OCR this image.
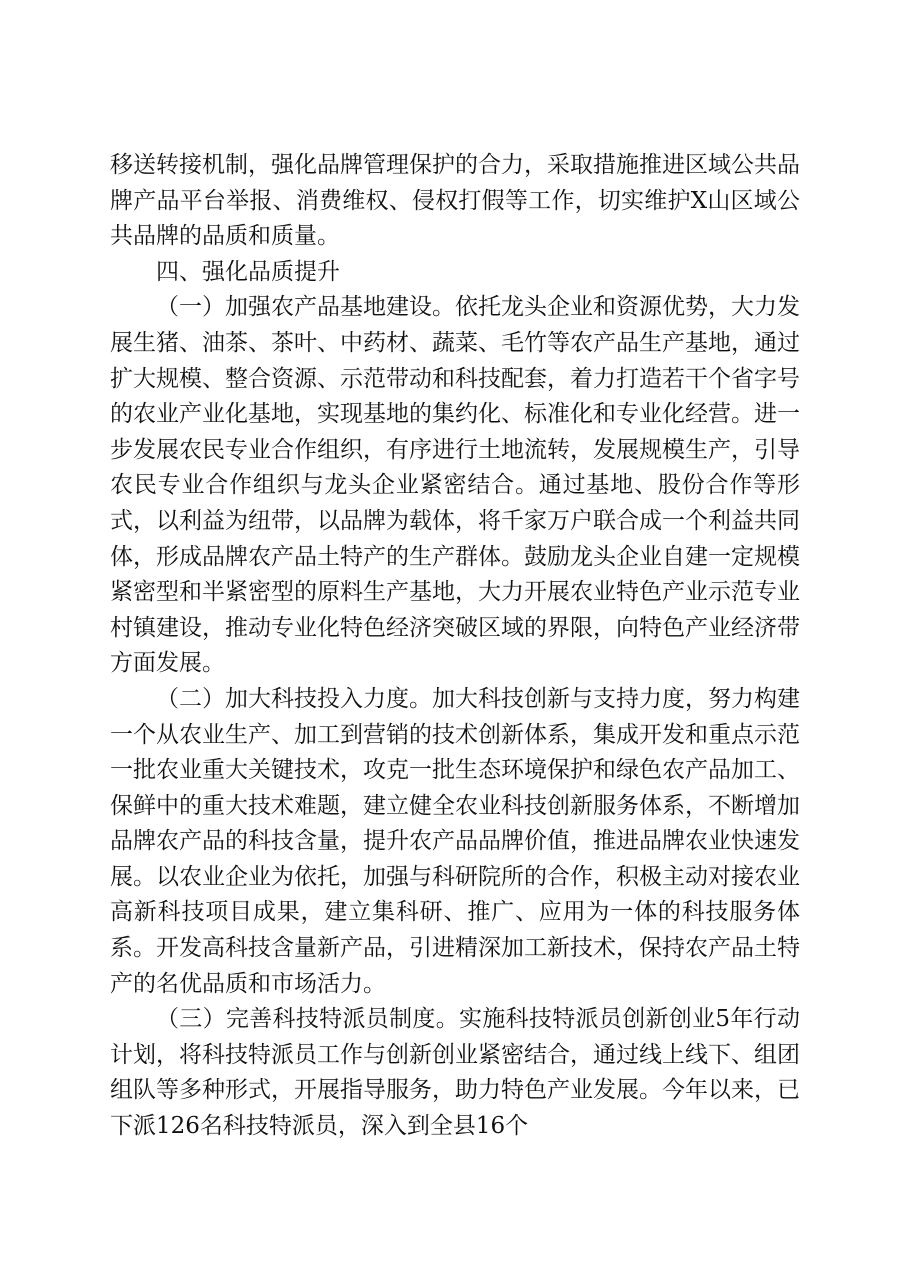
移送转接机制，强化品牌管理保护的合力，采取措施推进区域公共品牌产品平台举报、消费维权、侵权打假等工作，切实维护X山区域公共品牌的品质和质量。

四、强化品质提升

（一）加强农产品基地建设。依托龙头企业和资源优势，大力发展生猪、油茶、茶叶、中药材、蔬菜、毛竹等农产品生产基地，通过扩大规模、整合资源、示范带动和科技配套，着力打造若干个省字号的农业产业化基地，实现基地的集约化、标准化和专业化经营。进一步发展农民专业合作组织，有序进行土地流转，发展规模生产，引导农民专业合作组织与龙头企业紧密结合。通过基地、股份合作等形式，以利益为纽带，以品牌为载体，将千家万户联合成一个利益共同体，形成品牌农产品土特产的生产群体。鼓励龙头企业自建一定规模紧密型和半紧密型的原料生产基地，大力开展农业特色产业示范专业村镇建设，推动专业化特色经济突破区域的界限，向特色产业经济带方面发展。

（二）加大科技投入力度。加大科技创新与支持力度，努力构建一个从农业生产、加工到营销的技术创新体系，集成开发和重点示范一批农业重大关键技术，攻克一批生态环境保护和绿色农产品加工、保鲜中的重大技术难题，建立健全农业科技创新服务体系，不断增加品牌农产品的科技含量，提升农产品品牌价值，推进品牌农业快速发展。以农业企业为依托，加强与科研院所的合作，积极主动对接农业高新科技项目成果，建立集科研、推广、应用为一体的科技服务体系。开发高科技含量新产品，引进精深加工新技术，保持农产品土特产的名优品质和市场活力。

（三）完善科技特派员制度。实施科技特派员创新创业5年行动计划，将科技特派员工作与创新创业紧密结合，通过线上线下、组团组队等多种形式，开展指导服务，助力特色产业发展。今年以来，已下派126名科技特派员，深入到全县16个
